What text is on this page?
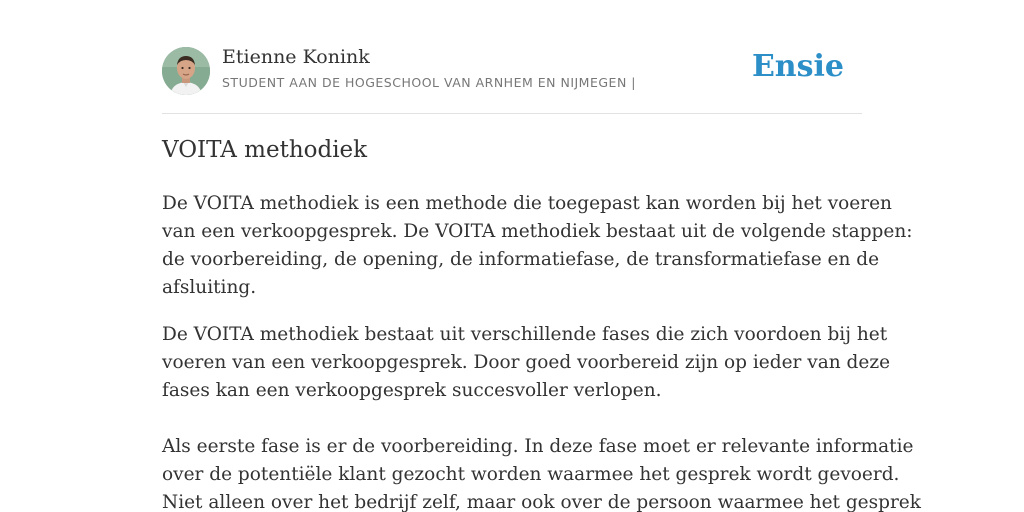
Etienne Konink
STUDENT AAN DE HOGESCHOOL VAN ARNHEM EN NIJMEGEN |	Ensie
VOITA methodiek

De VOITA methodiek is een methode die toegepast kan worden bij het voeren
van een verkoopgesprek. De VOITA methodiek bestaat uit de volgende stappen:
de voorbereiding, de opening, de informatiefase, de transformatiefase en de
afsluiting.

De VOITA methodiek bestaat uit verschillende fases die zich voordoen bij het
voeren van een verkoopgesprek. Door goed voorbereid zijn op ieder van deze
fases kan een verkoopgesprek succesvoller verlopen.

Als eerste fase is er de voorbereiding. In deze fase moet er relevante informatie
over de potentiële klant gezocht worden waarmee het gesprek wordt gevoerd.
Niet alleen over het bedrijf zelf, maar ook over de persoon waarmee het gesprek
